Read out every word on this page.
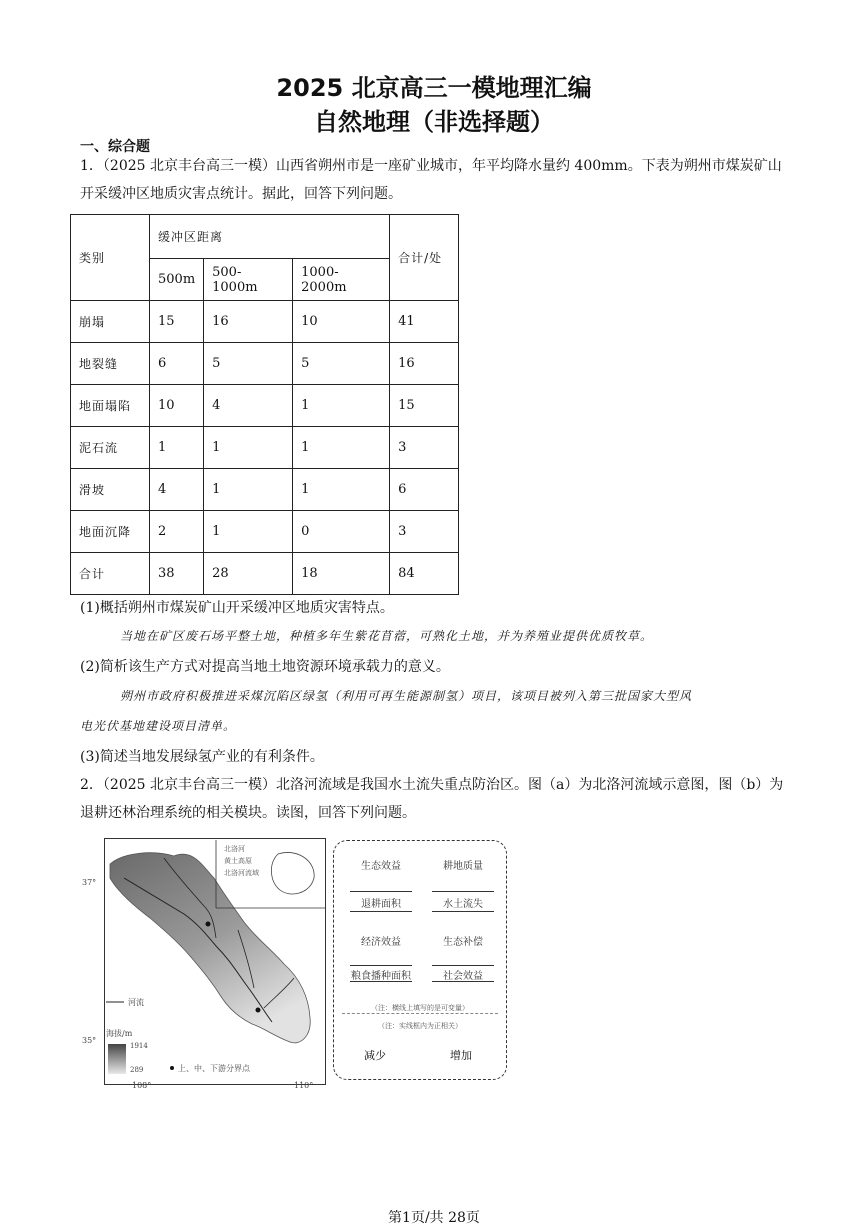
2025 北京高三一模地理汇编
自然地理（非选择题）
一、综合题
1．（2025 北京丰台高三一模）山西省朔州市是一座矿业城市，年平均降水量约 400mm。下表为朔州市煤炭矿山开采缓冲区地质灾害点统计。据此，回答下列问题。
类别	缓冲区距离			合计/处
	500m	500-1000m	1000-2000m	
崩塌	15	16	10	41
地裂缝	6	5	5	16
地面塌陷	10	4	1	15
泥石流	1	1	1	3
滑坡	4	1	1	6
地面沉降	2	1	0	3
合计	38	28	18	84
(1)概括朔州市煤炭矿山开采缓冲区地质灾害特点。
当地在矿区废石场平整土地，种植多年生紫花苜蓿，可熟化土地，并为养殖业提供优质牧草。
(2)简析该生产方式对提高当地土地资源环境承载力的意义。
朔州市政府积极推进采煤沉陷区绿氢（利用可再生能源制氢）项目，该项目被列入第三批国家大型风
电光伏基地建设项目清单。
(3)简述当地发展绿氢产业的有利条件。
2．（2025 北京丰台高三一模）北洛河流域是我国水土流失重点防治区。图（a）为北洛河流域示意图，图（b）为退耕还林治理系统的相关模块。读图，回答下列问题。
37°
35°
108°	110°
河流
海拔/m
1914
289	上、中、下游分界点
北洛河
黄土高原
北洛河流域
生态效益	耕地质量
退耕面积	水土流失
经济效益	生态补偿
粮食播种面积	社会效益
（注：横线上填写的是可变量）
（注：实线框内为正相关）
减少	增加
第1页/共 28页
